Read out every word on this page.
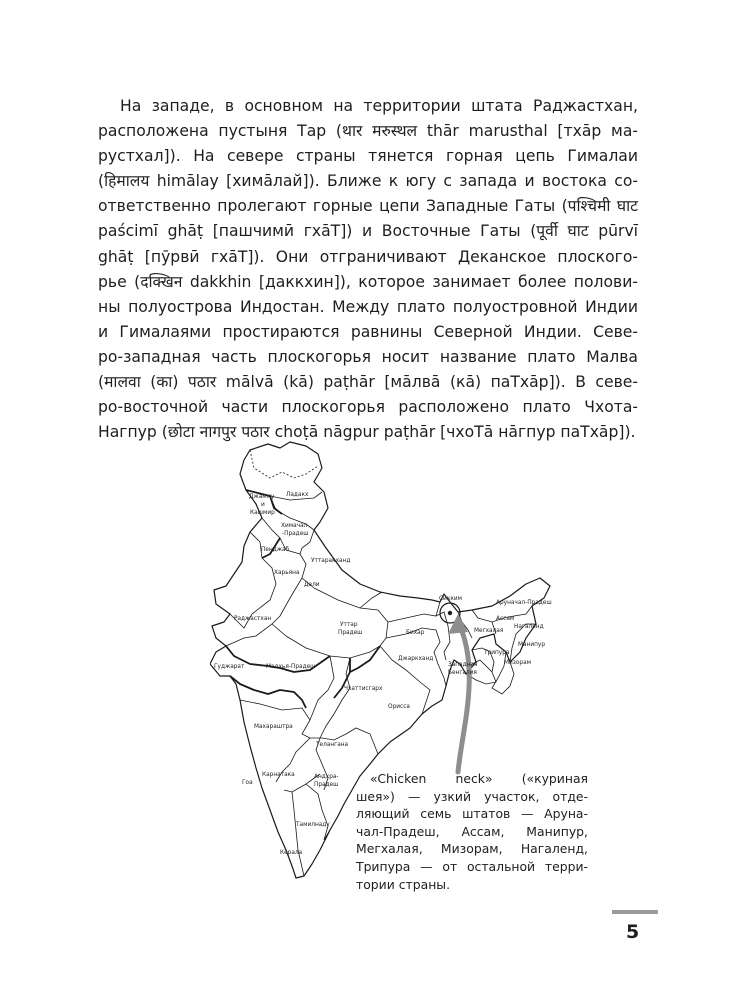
На западе, в основном на территории штата Раджастхан,
расположена пустыня Тар (थार मरुस्थल thār marusthal [тхāр ма-
рустхал]). На севере страны тянется горная цепь Гималаи
(हिमालय himālay [химāлай]). Ближе к югу с запада и востока со-
ответственно пролегают горные цепи Западные Гаты (पश्चिमी घाट
paścimī ghāṭ [пашчимӣ гхāТ]) и Восточные Гаты (पूर्वी घाट pūrvī
ghāṭ [пӯрвӣ гхāТ]). Они отграничивают Деканское плоского-
рье (दक्खिन dakkhin [даккхин]), которое занимает более полови-
ны полуострова Индостан. Между плато полуостровной Индии
и Гималаями простираются равнины Северной Индии. Севе-
ро-западная часть плоскогорья носит название плато Малва
(मालवा (का) पठार mālvā (kā) paṭhār [мāлвā (кā) паТхāр]). В севе-
ро-восточной части плоскогорья расположено плато Чхота-
Нагпур (छोटा नागपुर पठार choṭā nāgpur paṭhār [чхоТā нāгпур паТхāр]).
Джамму
и
Кашмир
Ладакх
Химачал
-Прадеш
Пенджаб
Уттаракханд
Харьяна
Дели
Раджастхан
Уттар
Прадеш
Сикким
Аруначал-Прадеш
Ассам
Нагаленд
Мегхалая
Бихар
Манипур
Трипура
Мизорам
Джаркханд
Западная
Бенгалия
Гуджарат	Мадхья-Прадеш
Чхаттисгарх
Орисса
Махараштра
Телангана
Гоа
Карнатака	Андхра-
Прадеш
Тамилнаду
Керала
«Chicken neck» («куриная
шея») — узкий участок, отде-
ляющий семь штатов — Аруна-
чал-Прадеш, Ассам, Манипур,
Мегхалая, Мизорам, Нагаленд,
Трипура — от остальной терри-
тории страны.
5
